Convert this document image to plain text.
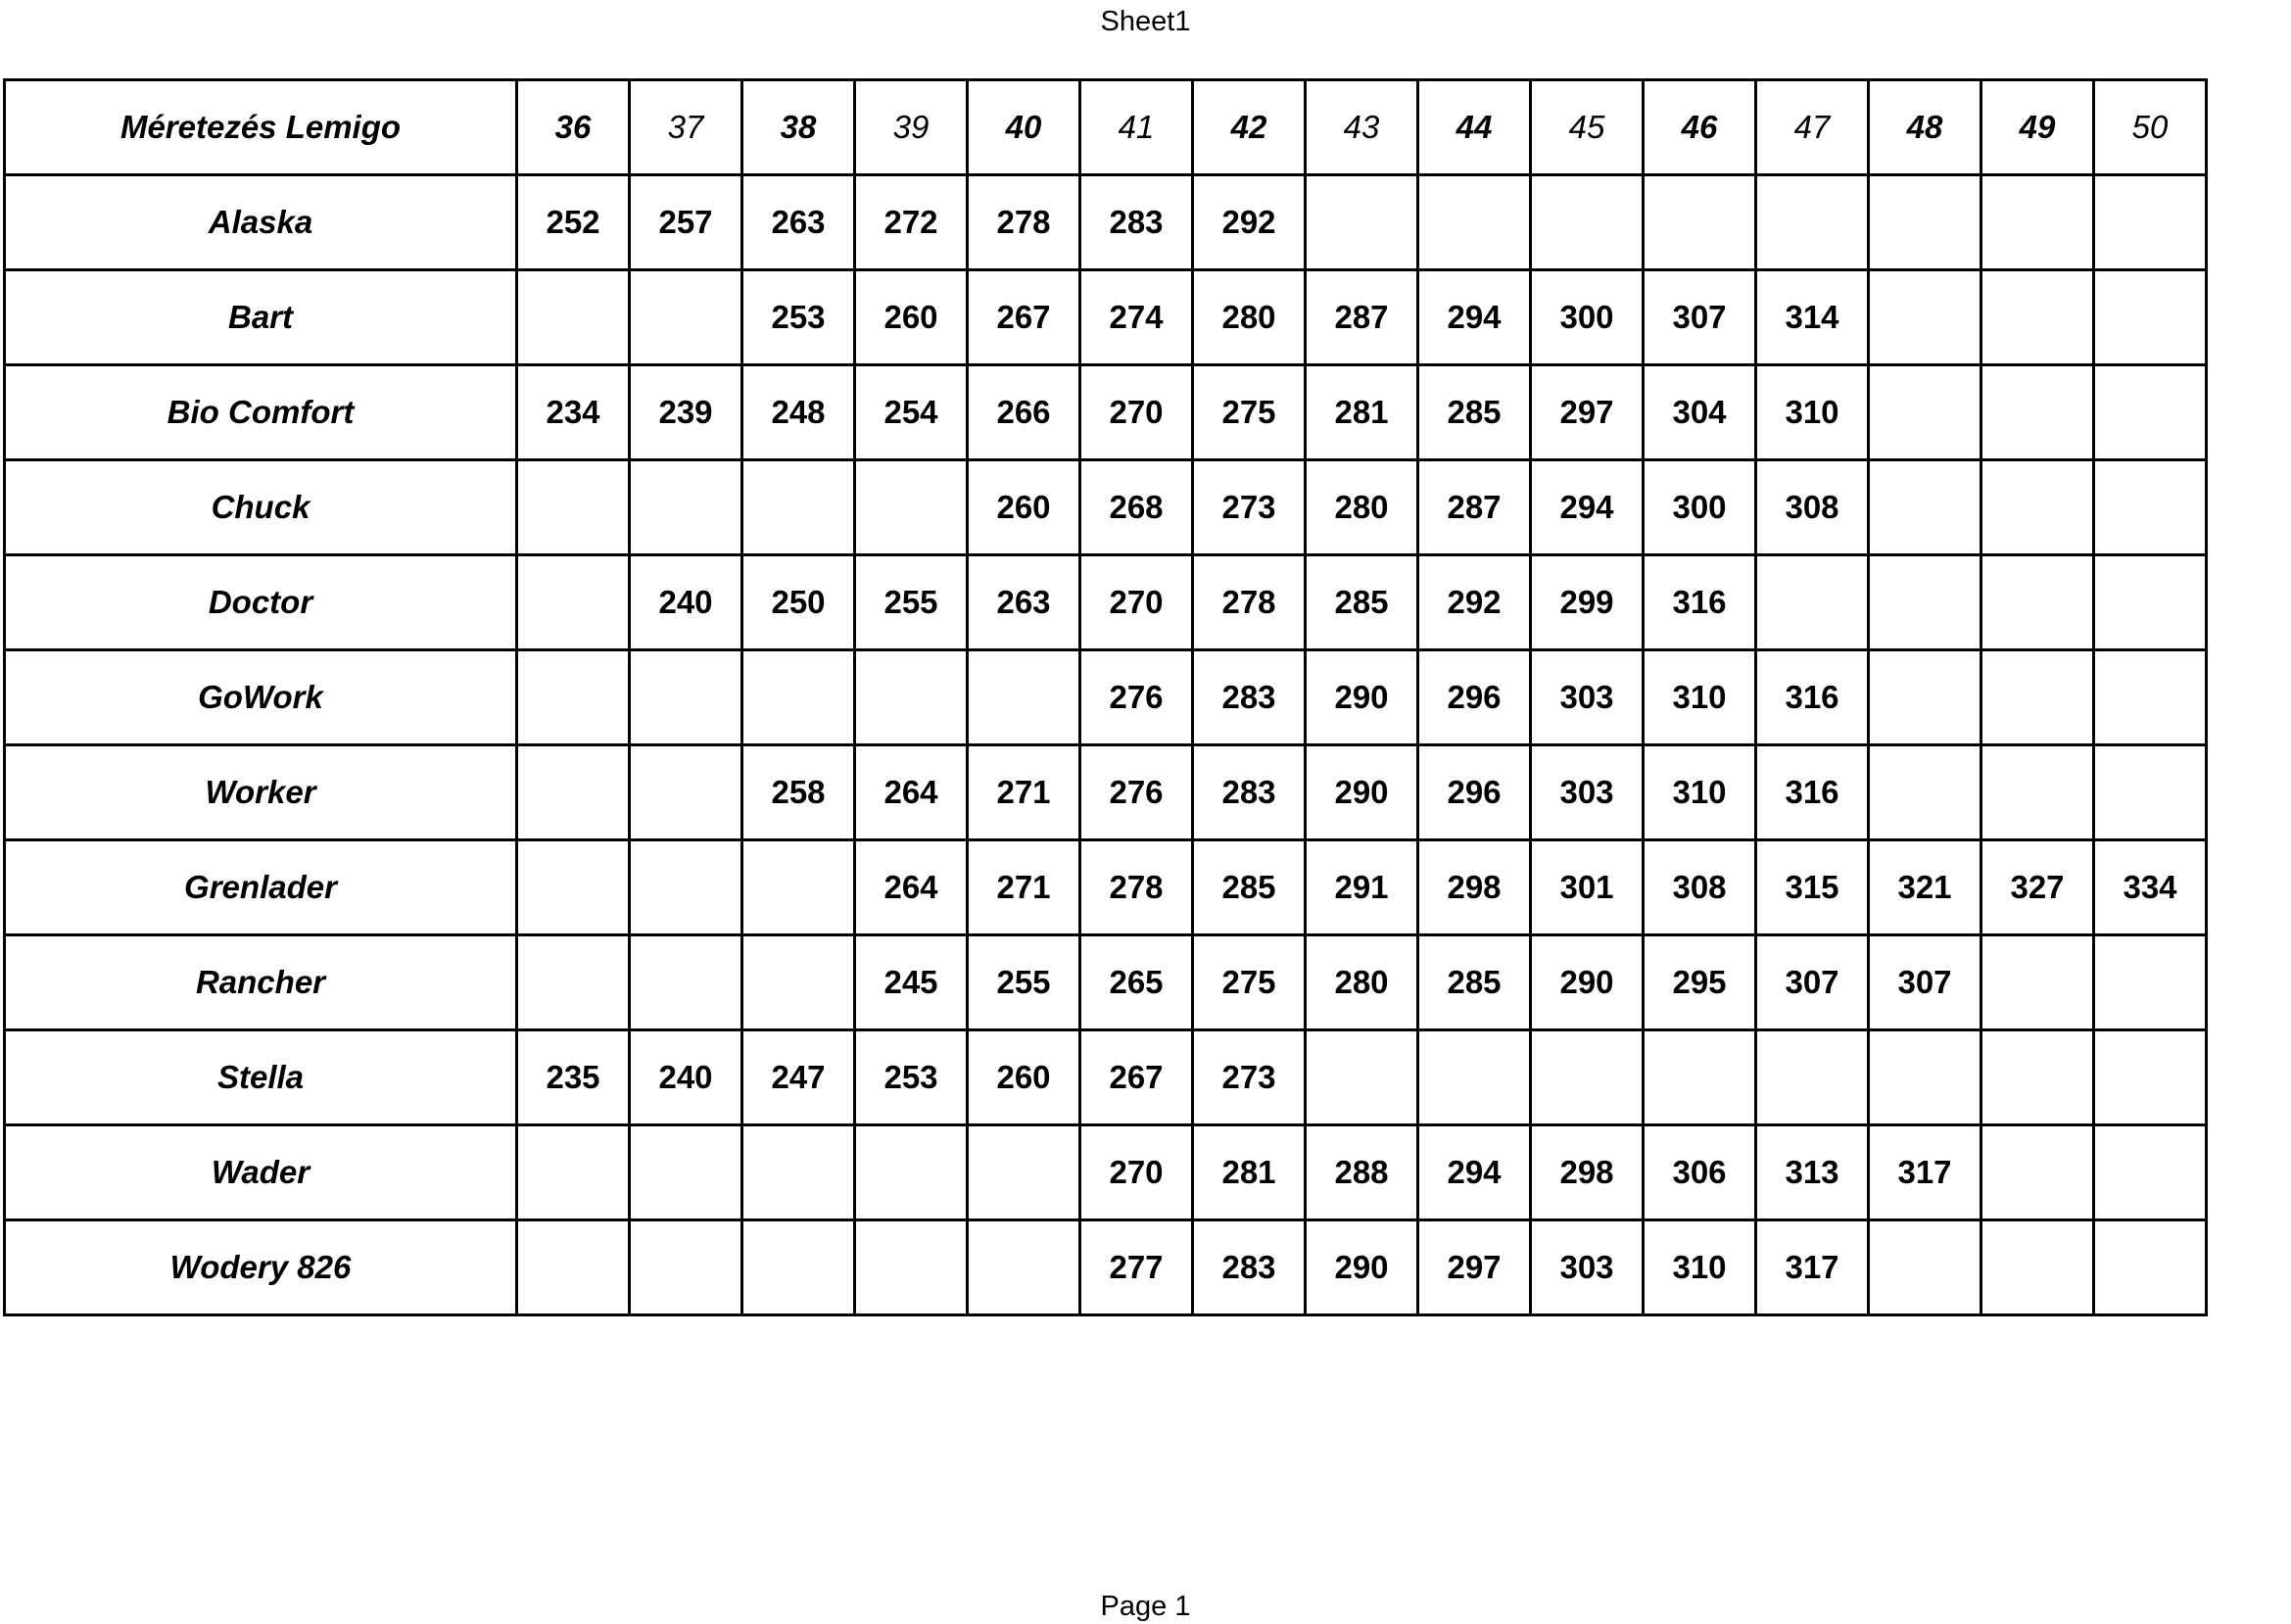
Sheet1
Méretezés Lemigo	36	37	38	39	40	41	42	43	44	45	46	47	48	49	50
Alaska	252	257	263	272	278	283	292								
Bart			253	260	267	274	280	287	294	300	307	314			
Bio Comfort	234	239	248	254	266	270	275	281	285	297	304	310			
Chuck					260	268	273	280	287	294	300	308			
Doctor		240	250	255	263	270	278	285	292	299	316				
GoWork						276	283	290	296	303	310	316			
Worker			258	264	271	276	283	290	296	303	310	316			
Grenlader				264	271	278	285	291	298	301	308	315	321	327	334
Rancher				245	255	265	275	280	285	290	295	307	307		
Stella	235	240	247	253	260	267	273								
Wader						270	281	288	294	298	306	313	317		
Wodery 826						277	283	290	297	303	310	317			
Page 1
